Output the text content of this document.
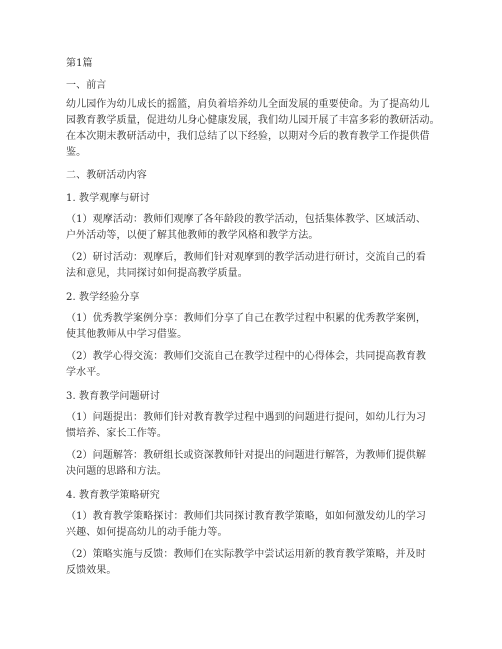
第1篇
一、前言
幼儿园作为幼儿成长的摇篮，肩负着培养幼儿全面发展的重要使命。为了提高幼儿
园教育教学质量，促进幼儿身心健康发展，我们幼儿园开展了丰富多彩的教研活动。
在本次期末教研活动中，我们总结了以下经验，以期对今后的教育教学工作提供借
鉴。
二、教研活动内容
1. 教学观摩与研讨
（1）观摩活动：教师们观摩了各年龄段的教学活动，包括集体教学、区域活动、
户外活动等，以便了解其他教师的教学风格和教学方法。
（2）研讨活动：观摩后，教师们针对观摩到的教学活动进行研讨，交流自己的看
法和意见，共同探讨如何提高教学质量。
2. 教学经验分享
（1）优秀教学案例分享：教师们分享了自己在教学过程中积累的优秀教学案例，
使其他教师从中学习借鉴。
（2）教学心得交流：教师们交流自己在教学过程中的心得体会，共同提高教育教
学水平。
3. 教育教学问题研讨
（1）问题提出：教师们针对教育教学过程中遇到的问题进行提问，如幼儿行为习
惯培养、家长工作等。
（2）问题解答：教研组长或资深教师针对提出的问题进行解答，为教师们提供解
决问题的思路和方法。
4. 教育教学策略研究
（1）教育教学策略探讨：教师们共同探讨教育教学策略，如如何激发幼儿的学习
兴趣、如何提高幼儿的动手能力等。
（2）策略实施与反馈：教师们在实际教学中尝试运用新的教育教学策略，并及时
反馈效果。
